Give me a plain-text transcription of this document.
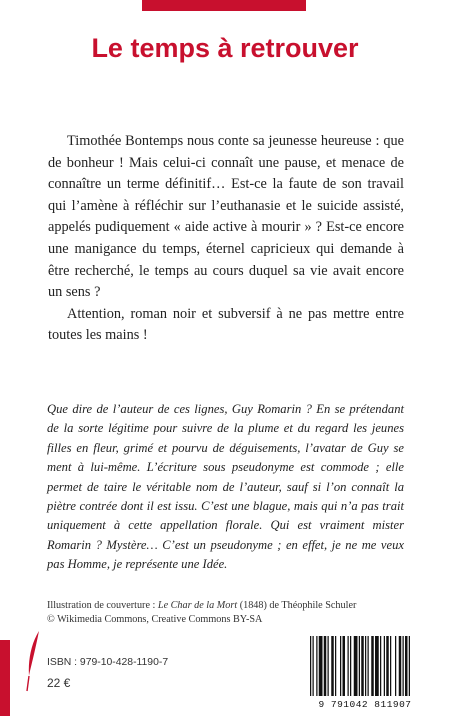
Le temps à retrouver

Timothée Bontemps nous conte sa jeunesse heureuse : que de bonheur ! Mais celui-ci connaît une pause, et menace de connaître un terme définitif… Est-ce la faute de son travail qui l’amène à réfléchir sur l’euthanasie et le suicide assisté, appelés pudiquement « aide active à mourir » ? Est-ce encore une manigance du temps, éternel capricieux qui demande à être recherché, le temps au cours duquel sa vie avait encore un sens ?

Attention, roman noir et subversif à ne pas mettre entre toutes les mains !

Que dire de l’auteur de ces lignes, Guy Romarin ? En se prétendant de la sorte légitime pour suivre de la plume et du regard les jeunes filles en fleur, grimé et pourvu de déguisements, l’avatar de Guy se ment à lui-même. L’écriture sous pseudonyme est commode ; elle permet de taire le véritable nom de l’auteur, sauf si l’on connaît la piètre contrée dont il est issu. C’est une blague, mais qui n’a pas trait uniquement à cette appellation florale. Qui est vraiment mister Romarin ? Mystère… C’est un pseudonyme ; en effet, je ne me veux pas Homme, je représente une Idée.
Illustration de couverture : Le Char de la Mort (1848) de Théophile Schuler
© Wikimedia Commons, Creative Commons BY-SA
ISBN : 979-10-428-1190-7
22 €
9 791042 811907
